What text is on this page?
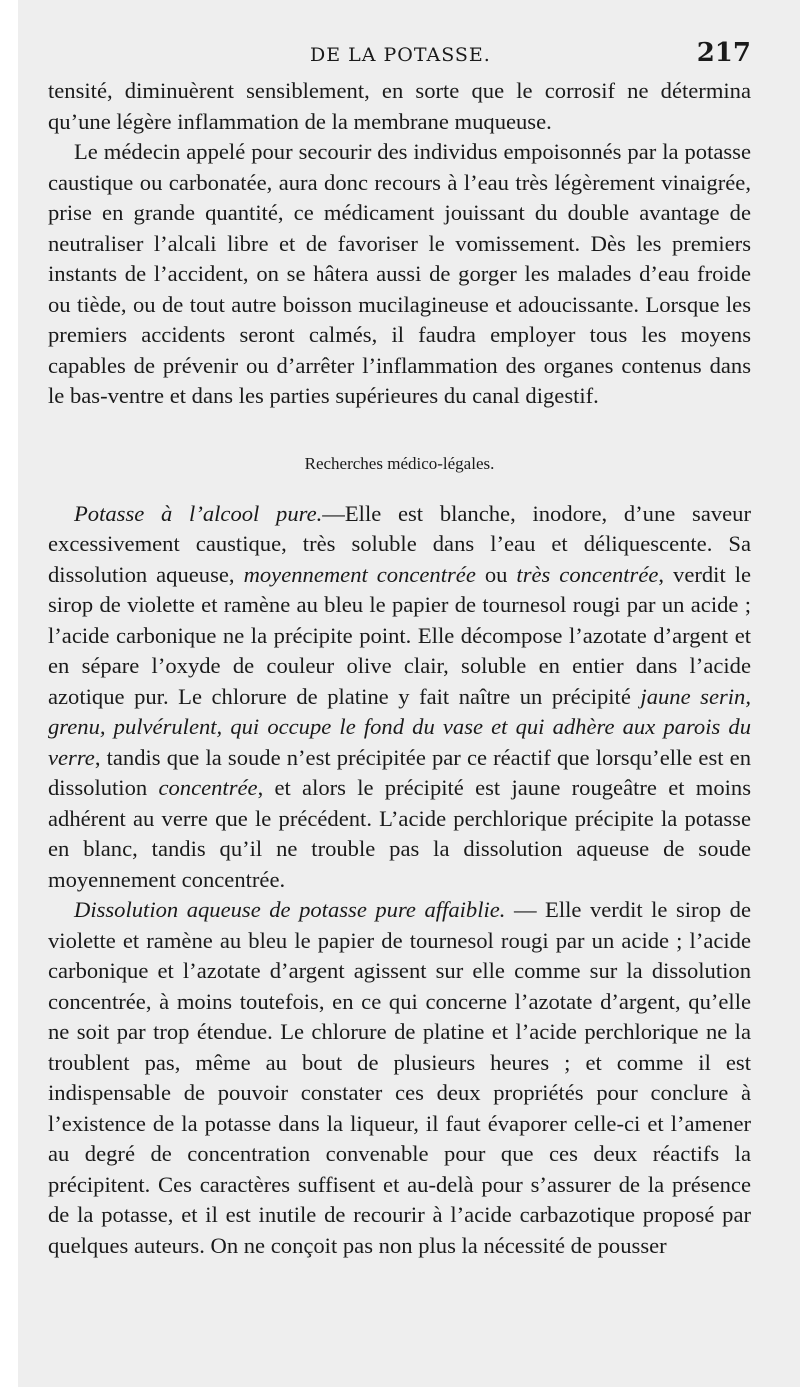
DE LA POTASSE.	217

tensité, diminuèrent sensiblement, en sorte que le corrosif ne détermina qu’une légère inflammation de la membrane muqueuse.

Le médecin appelé pour secourir des individus empoisonnés par la potasse caustique ou carbonatée, aura donc recours à l’eau très légèrement vinaigrée, prise en grande quantité, ce médicament jouissant du double avantage de neutraliser l’alcali libre et de favoriser le vomissement. Dès les premiers instants de l’accident, on se hâtera aussi de gorger les malades d’eau froide ou tiède, ou de tout autre boisson mucilagineuse et adoucissante. Lorsque les premiers accidents seront calmés, il faudra employer tous les moyens capables de prévenir ou d’arrêter l’inflammation des organes contenus dans le bas-ventre et dans les parties supérieures du canal digestif.

Recherches médico-légales.

Potasse à l’alcool pure.—Elle est blanche, inodore, d’une saveur excessivement caustique, très soluble dans l’eau et déliquescente. Sa dissolution aqueuse, moyennement concentrée ou très concentrée, verdit le sirop de violette et ramène au bleu le papier de tournesol rougi par un acide ; l’acide carbonique ne la précipite point. Elle décompose l’azotate d’argent et en sépare l’oxyde de couleur olive clair, soluble en entier dans l’acide azotique pur. Le chlorure de platine y fait naître un précipité jaune serin, grenu, pulvérulent, qui occupe le fond du vase et qui adhère aux parois du verre, tandis que la soude n’est précipitée par ce réactif que lorsqu’elle est en dissolution concentrée, et alors le précipité est jaune rougeâtre et moins adhérent au verre que le précédent. L’acide perchlorique précipite la potasse en blanc, tandis qu’il ne trouble pas la dissolution aqueuse de soude moyennement concentrée.

Dissolution aqueuse de potasse pure affaiblie. — Elle verdit le sirop de violette et ramène au bleu le papier de tournesol rougi par un acide ; l’acide carbonique et l’azotate d’argent agissent sur elle comme sur la dissolution concentrée, à moins toutefois, en ce qui concerne l’azotate d’argent, qu’elle ne soit par trop étendue. Le chlorure de platine et l’acide perchlorique ne la troublent pas, même au bout de plusieurs heures ; et comme il est indispensable de pouvoir constater ces deux propriétés pour conclure à l’existence de la potasse dans la liqueur, il faut évaporer celle-ci et l’amener au degré de concentration convenable pour que ces deux réactifs la précipitent. Ces caractères suffisent et au-delà pour s’assurer de la présence de la potasse, et il est inutile de recourir à l’acide carbazotique proposé par quelques auteurs. On ne conçoit pas non plus la nécessité de pousser
